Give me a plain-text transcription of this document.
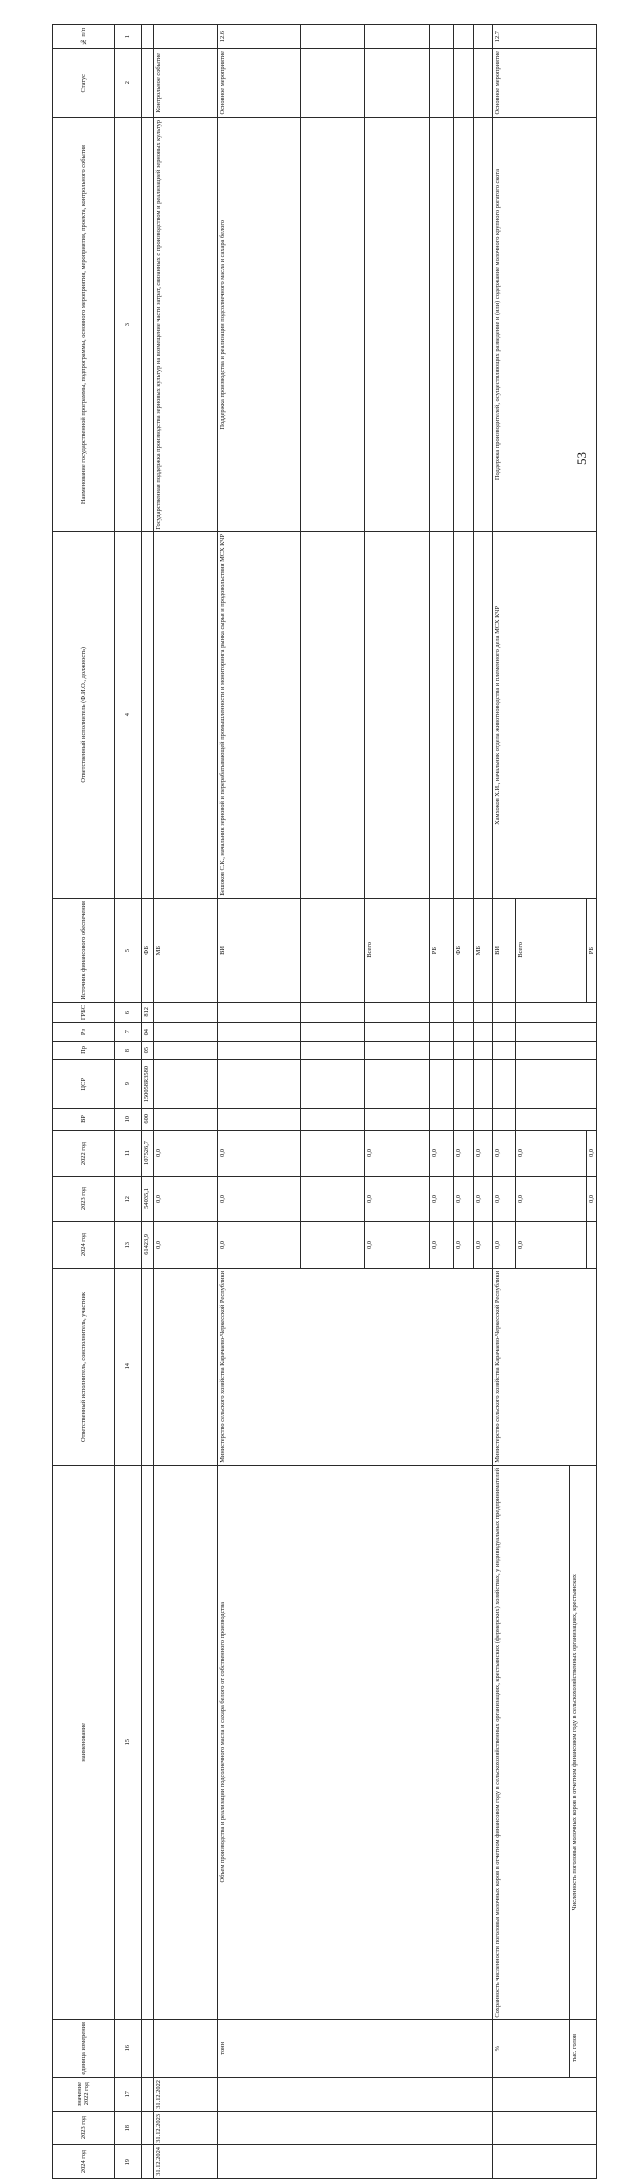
№ п/п	1			12.6						12.7			

Статус	2		Контрольное событие	Основное мероприятие						Основное мероприятие			

Наименование государственной программы, подпрограммы, основного мероприятия, мероприятия, проекта, контрольного события	3		Государственная поддержка производства зерновых культур на возмещение части затрат, связанных с производством и реализацией зерновых культур	Поддержка производства и реализации подсолнечного масла и сахара белого						Поддержка производителей, осуществляющих разведение и (или) содержание молочного крупного рогатого скота			

Ответственный исполнитель (Ф.И.О., должность)	4			Бешоков С.К., начальник зерновой и перерабатывающей промышленности и мониторинга рынка сырья и продовольствия МСХ КЧР						Хамхоков Х.И., начальник отдела животноводства и племенного дела МСХ КЧР			

Источник финансового обеспечения	5	ФБ	МБ	ВИ		Всего	РБ	ФБ	МБ	ВИ	Всего		РБ

ГРБС	6	812											

Рз	7	04											

Пр	8	05											

ЦСР	9	150058R3580											

ВР	10	600											

2022 год	11	107526,7	0,0	0,0		0,0	0,0	0,0	0,0	0,0	0,0		0,0

2023 год	12	54035,1	0,0	0,0		0,0	0,0	0,0	0,0	0,0	0,0		0,0

2024 год	13	61423,9	0,0	0,0		0,0	0,0	0,0	0,0	0,0	0,0		

Ответственный исполнитель, соисполнитель, участник	14			Министерство сельского хозяйства Карачаево-Черкесской Республики						Министерство сельского хозяйства Карачаево-Черкесской Республики			

наименование	15			Объем производства и реализации подсолнечного масла и сахара белого от собственного производства						Сохранность численности поголовья молочных коров в отчетном финансовом году в сельскохозяйственных организациях, крестьянских (фермерских) хозяйствах, у индивидуальных предпринимателей		Численность поголовья молочных коров в отчетном финансовом году в сельскохозяйственных организациях, крестьянских	

единица измерения	16			тонн						%		тыс. голов	

значение
2022 год	17		31.12.2022										

2023 год	18		31.12.2023										

2024 год	19		31.12.2024										

53
